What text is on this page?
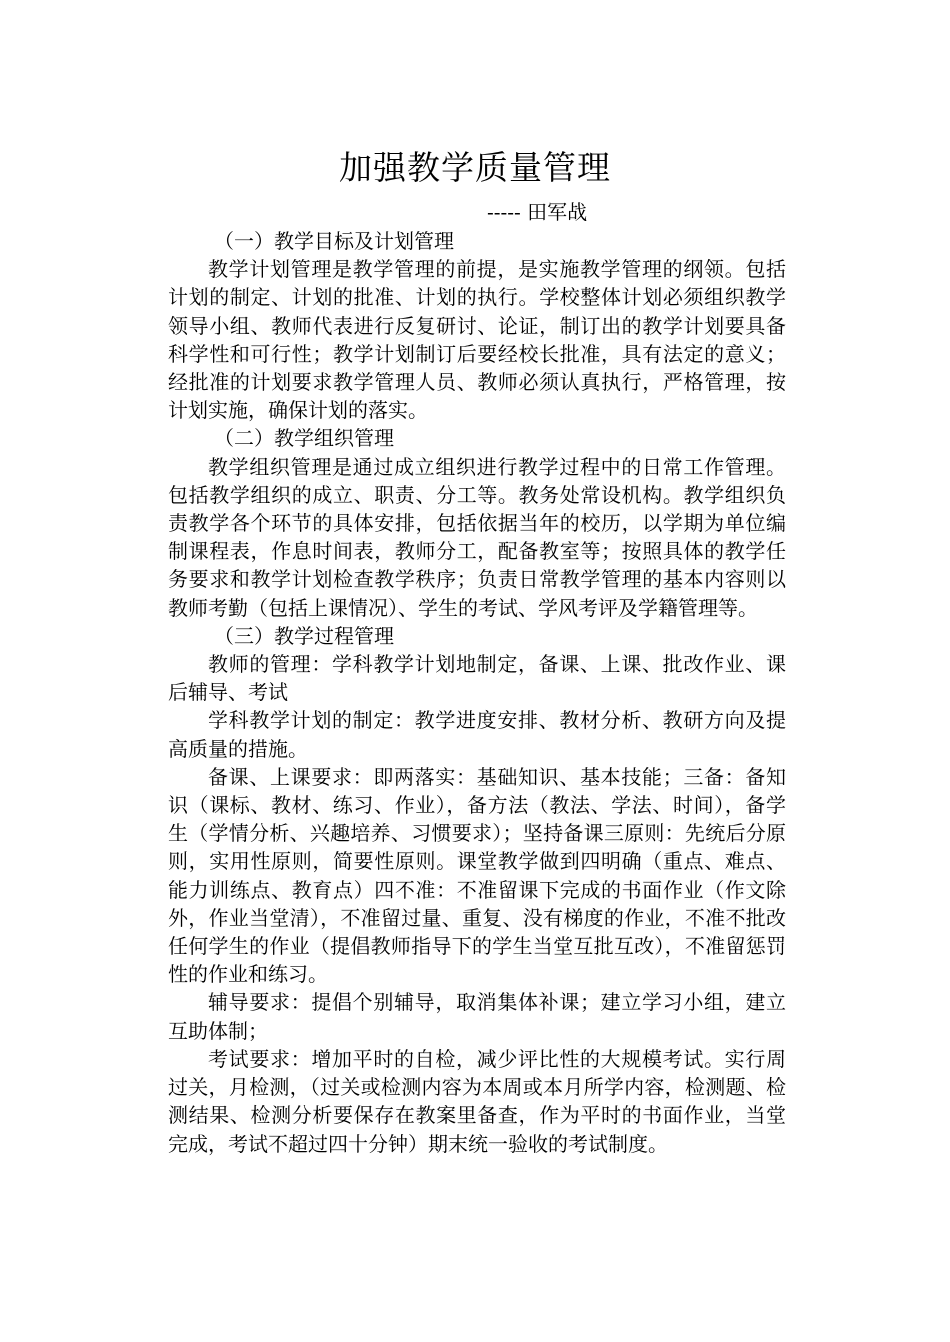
加强教学质量管理
----- 田军战

（一）教学目标及计划管理

教学计划管理是教学管理的前提，是实施教学管理的纲领。包括计划的制定、计划的批准、计划的执行。学校整体计划必须组织教学领导小组、教师代表进行反复研讨、论证，制订出的教学计划要具备科学性和可行性；教学计划制订后要经校长批准，具有法定的意义；经批准的计划要求教学管理人员、教师必须认真执行，严格管理，按计划实施，确保计划的落实。

（二）教学组织管理

教学组织管理是通过成立组织进行教学过程中的日常工作管理。包括教学组织的成立、职责、分工等。教务处常设机构。教学组织负责教学各个环节的具体安排，包括依据当年的校历，以学期为单位编制课程表，作息时间表，教师分工，配备教室等；按照具体的教学任务要求和教学计划检查教学秩序；负责日常教学管理的基本内容则以教师考勤（包括上课情况）、学生的考试、学风考评及学籍管理等。

（三）教学过程管理

教师的管理：学科教学计划地制定，备课、上课、批改作业、课后辅导、考试

学科教学计划的制定：教学进度安排、教材分析、教研方向及提高质量的措施。

备课、上课要求：即两落实：基础知识、基本技能；三备：备知识（课标、教材、练习、作业），备方法（教法、学法、时间），备学生（学情分析、兴趣培养、习惯要求）；坚持备课三原则：先统后分原则，实用性原则，简要性原则。课堂教学做到四明确（重点、难点、能力训练点、教育点）四不准：不准留课下完成的书面作业（作文除外，作业当堂清），不准留过量、重复、没有梯度的作业，不准不批改任何学生的作业（提倡教师指导下的学生当堂互批互改），不准留惩罚性的作业和练习。

辅导要求：提倡个别辅导，取消集体补课；建立学习小组，建立互助体制；

考试要求：增加平时的自检，减少评比性的大规模考试。实行周过关，月检测，（过关或检测内容为本周或本月所学内容，检测题、检测结果、检测分析要保存在教案里备查，作为平时的书面作业，当堂完成，考试不超过四十分钟）期末统一验收的考试制度。
